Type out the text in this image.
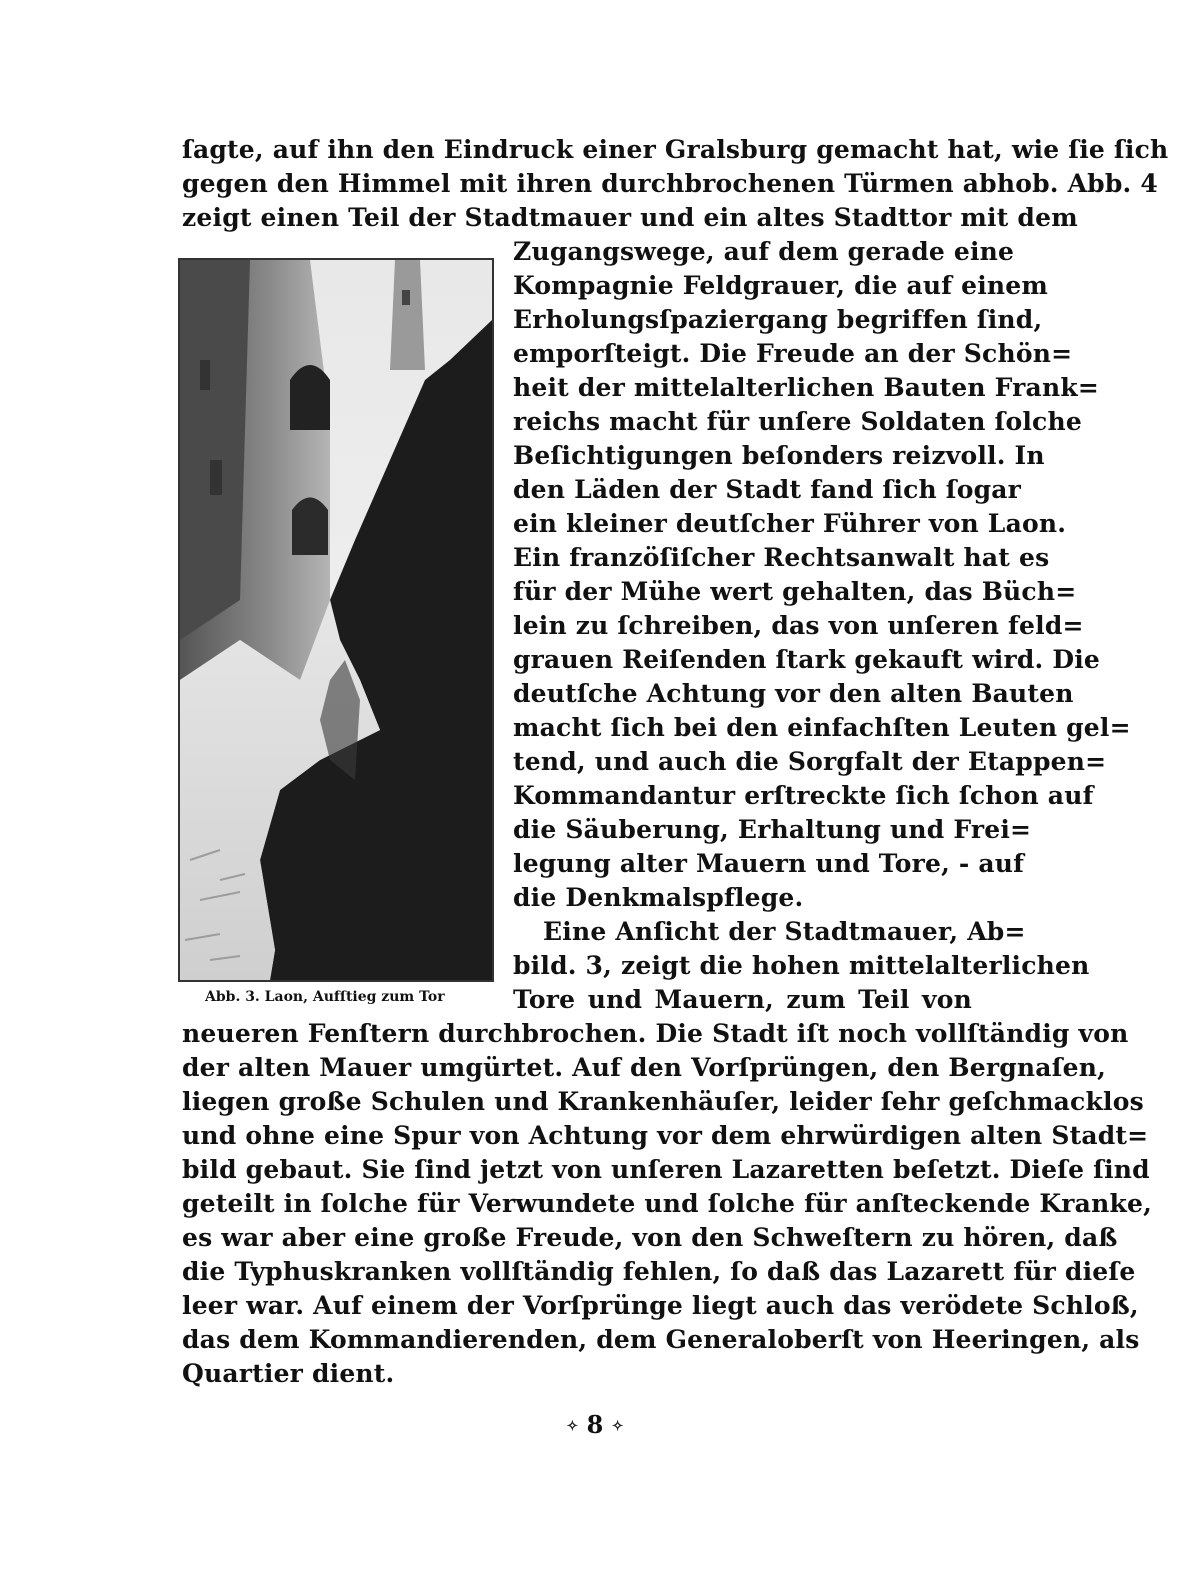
ſagte, auf ihn den Eindruck einer Gralsburg gemacht hat, wie ſie ſich
gegen den Himmel mit ihren durchbrochenen Türmen abhob. Abb. 4
zeigt einen Teil der Stadtmauer und ein altes Stadttor mit dem
Zugangswege, auf dem gerade eine
Kompagnie Feldgrauer, die auf einem
Erholungsſpaziergang begriffen ſind,
emporſteigt. Die Freude an der Schön=
heit der mittelalterlichen Bauten Frank=
reichs macht für unſere Soldaten ſolche
Beſichtigungen beſonders reizvoll. In
den Läden der Stadt fand ſich ſogar
ein kleiner deutſcher Führer von Laon.
Ein franzöſiſcher Rechtsanwalt hat es
für der Mühe wert gehalten, das Büch=
lein zu ſchreiben, das von unſeren feld=
grauen Reiſenden ſtark gekauft wird. Die
deutſche Achtung vor den alten Bauten
macht ſich bei den einfachſten Leuten gel=
tend, und auch die Sorgfalt der Etappen=
Kommandantur erſtreckte ſich ſchon auf
die Säuberung, Erhaltung und Frei=
legung alter Mauern und Tore, - auf
die Denkmalspflege.
Eine Anſicht der Stadtmauer, Ab=
bild. 3, zeigt die hohen mittelalterlichen
Tore und Mauern, zum Teil von
neueren Fenſtern durchbrochen. Die Stadt iſt noch vollſtändig von
der alten Mauer umgürtet. Auf den Vorſprüngen, den Bergnaſen,
liegen große Schulen und Krankenhäuſer, leider ſehr geſchmacklos
und ohne eine Spur von Achtung vor dem ehrwürdigen alten Stadt=
bild gebaut. Sie ſind jetzt von unſeren Lazaretten beſetzt. Dieſe ſind
geteilt in ſolche für Verwundete und ſolche für anſteckende Kranke,
es war aber eine große Freude, von den Schweſtern zu hören, daß
die Typhuskranken vollſtändig fehlen, ſo daß das Lazarett für dieſe
leer war. Auf einem der Vorſprünge liegt auch das verödete Schloß,
das dem Kommandierenden, dem Generaloberſt von Heeringen, als
Quartier dient.
Abb. 3. Laon, Aufſtieg zum Tor
✧ 8 ✧
